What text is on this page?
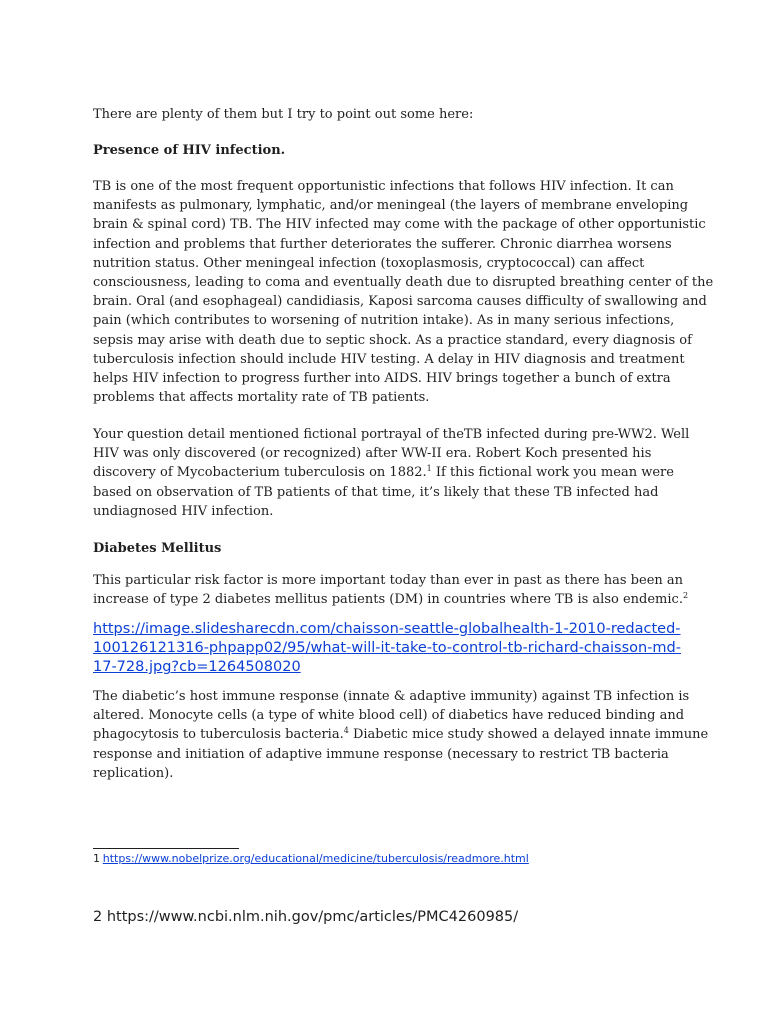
There are plenty of them but I try to point out some here:

Presence of HIV infection.

TB is one of the most frequent opportunistic infections that follows HIV infection. It can
manifests as pulmonary, lymphatic, and/or meningeal (the layers of membrane enveloping
brain & spinal cord) TB. The HIV infected may come with the package of other opportunistic
infection and problems that further deteriorates the sufferer. Chronic diarrhea worsens
nutrition status. Other meningeal infection (toxoplasmosis, cryptococcal) can affect
consciousness, leading to coma and eventually death due to disrupted breathing center of the
brain. Oral (and esophageal) candidiasis, Kaposi sarcoma causes difficulty of swallowing and
pain (which contributes to worsening of nutrition intake). As in many serious infections,
sepsis may arise with death due to septic shock. As a practice standard, every diagnosis of
tuberculosis infection should include HIV testing. A delay in HIV diagnosis and treatment
helps HIV infection to progress further into AIDS. HIV brings together a bunch of extra
problems that affects mortality rate of TB patients.
Your question detail mentioned fictional portrayal of theTB infected during pre-WW2. Well
HIV was only discovered (or recognized) after WW-II era. Robert Koch presented his
discovery of Mycobacterium tuberculosis on 1882.$^1$ If this fictional work you mean were
based on observation of TB patients of that time, it’s likely that these TB infected had
undiagnosed HIV infection.

Diabetes Mellitus

This particular risk factor is more important today than ever in past as there has been an
increase of type 2 diabetes mellitus patients (DM) in countries where TB is also endemic.$^2$
https://image.slidesharecdn.com/chaisson-seattle-globalhealth-1-2010-redacted-
100126121316-phpapp02/95/what-will-it-take-to-control-tb-richard-chaisson-md-
17-728.jpg?cb=1264508020
The diabetic’s host immune response (innate & adaptive immunity) against TB infection is
altered. Monocyte cells (a type of white blood cell) of diabetics have reduced binding and
phagocytosis to tuberculosis bacteria.$^4$ Diabetic mice study showed a delayed innate immune
response and initiation of adaptive immune response (necessary to restrict TB bacteria
replication).
1 https://www.nobelprize.org/educational/medicine/tuberculosis/readmore.html
2 https://www.ncbi.nlm.nih.gov/pmc/articles/PMC4260985/
